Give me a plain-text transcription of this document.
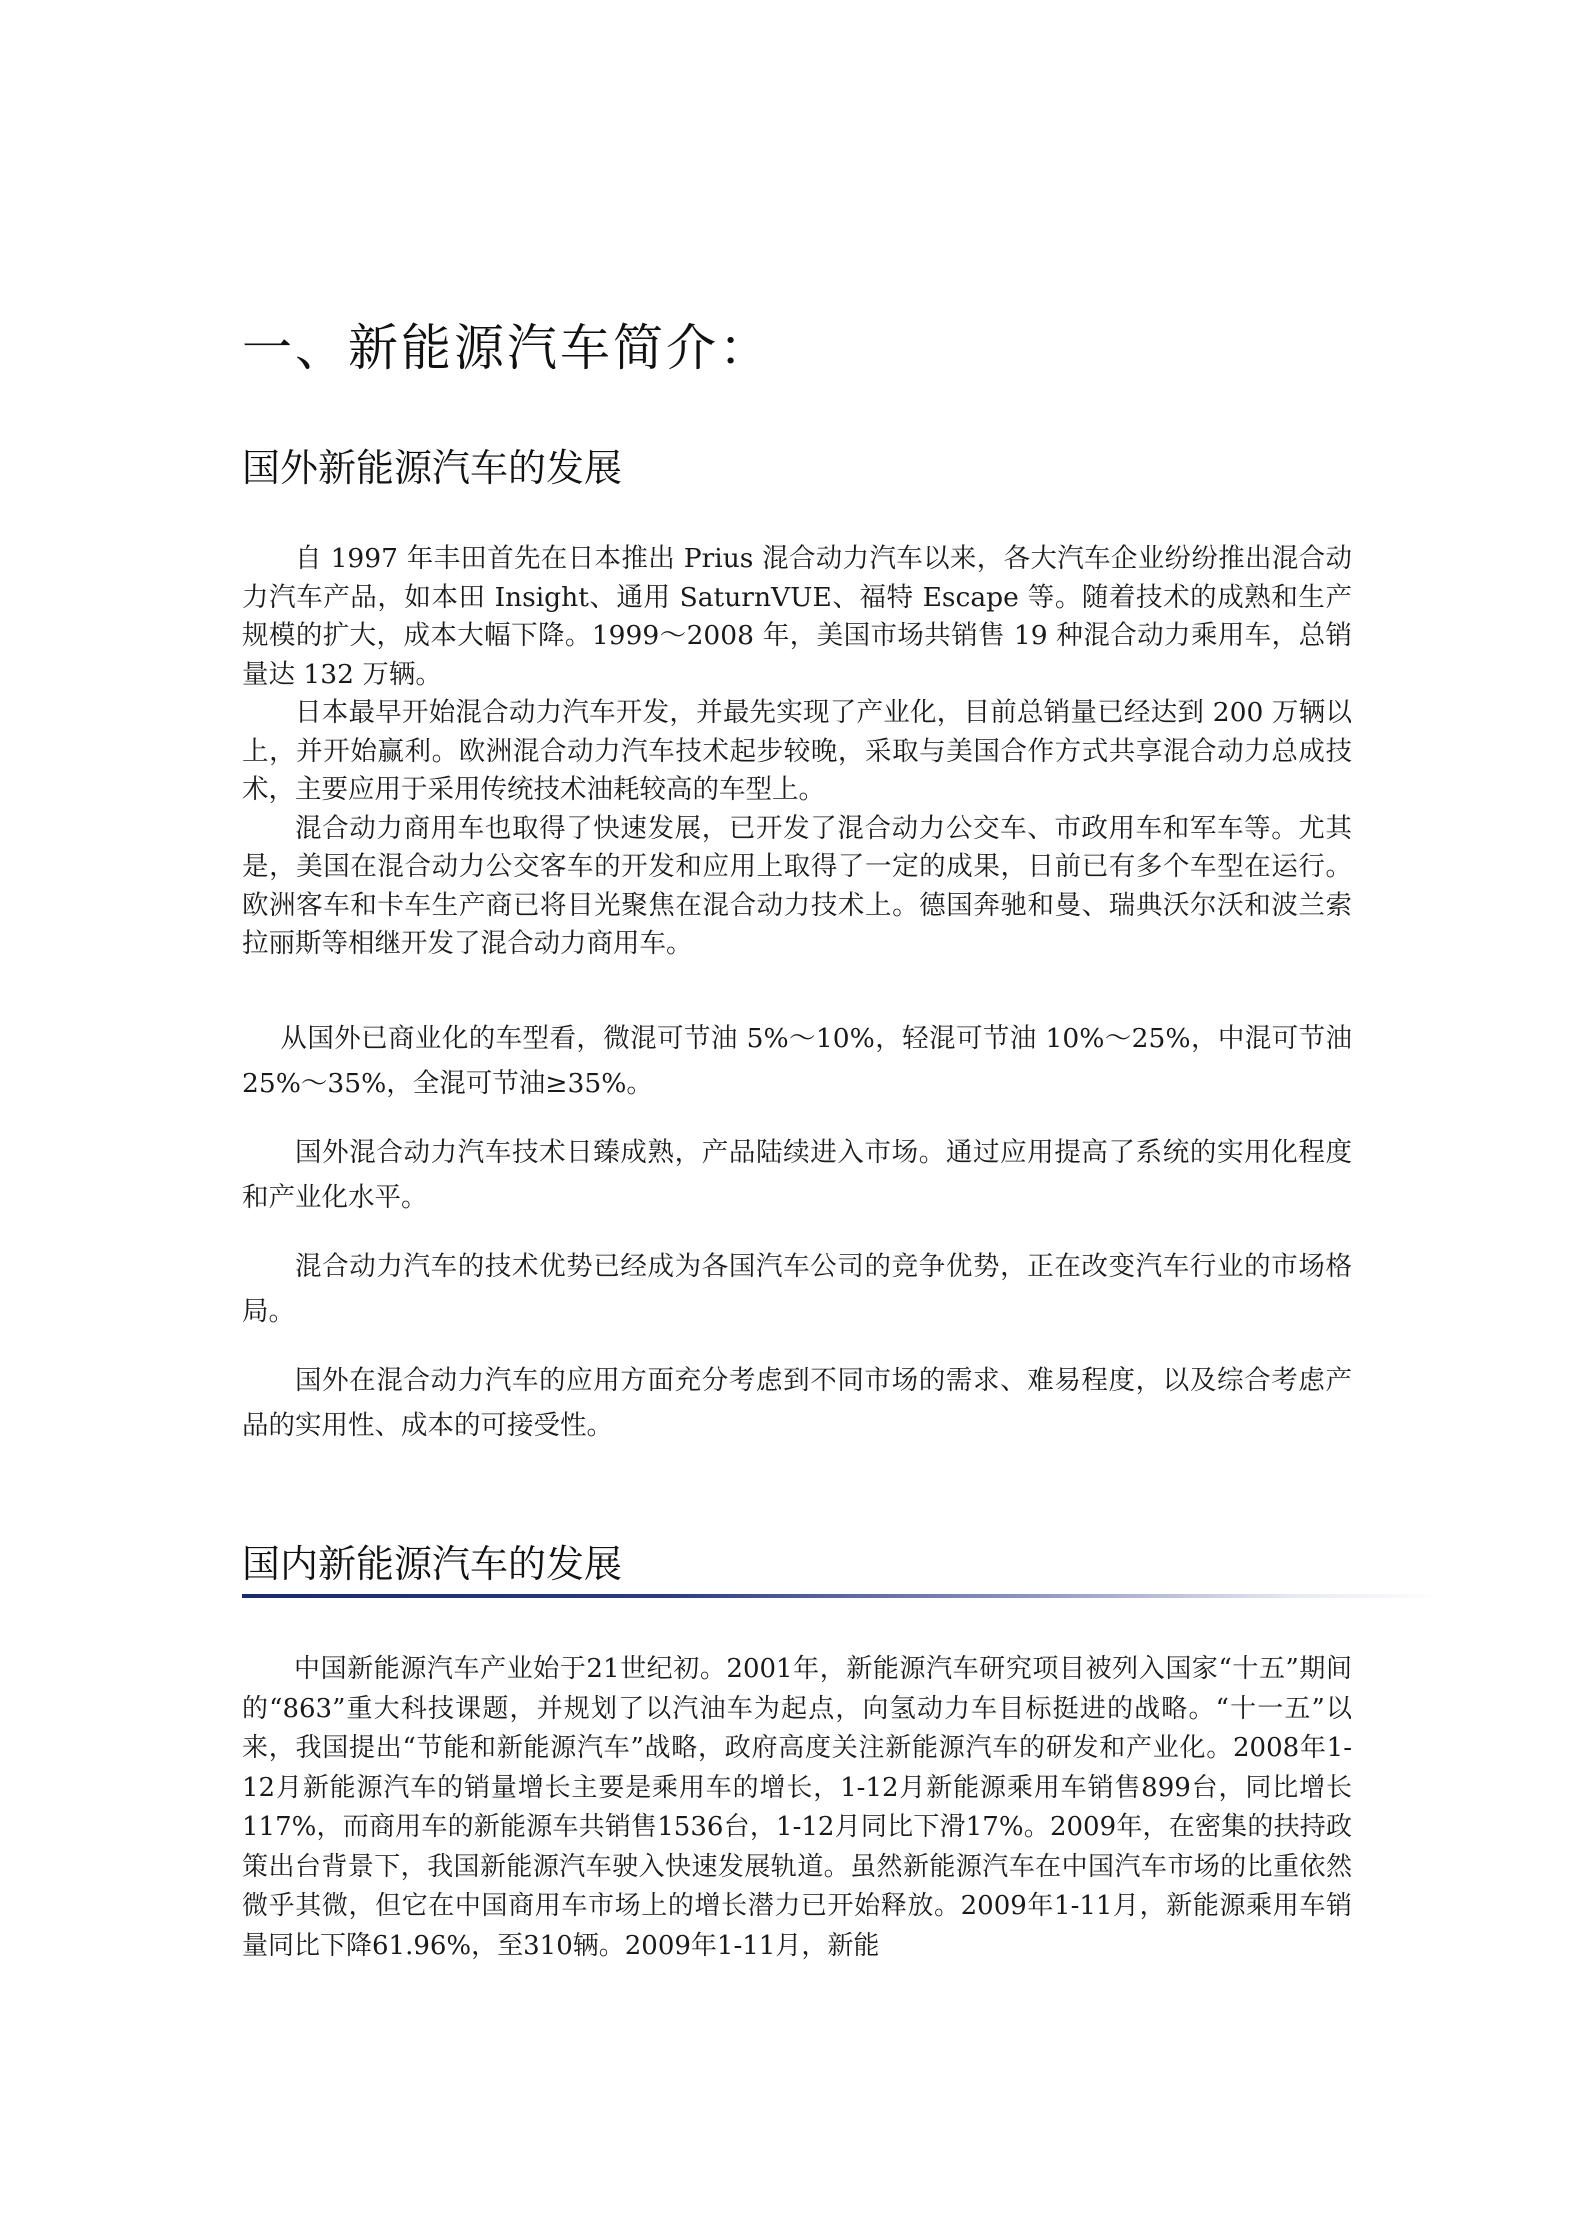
一、新能源汽车简介：
国外新能源汽车的发展

自 1997 年丰田首先在日本推出 Prius 混合动力汽车以来，各大汽车企业纷纷推出混合动力汽车产品，如本田 Insight、通用 SaturnVUE、福特 Escape 等。随着技术的成熟和生产规模的扩大，成本大幅下降。1999～2008 年，美国市场共销售 19 种混合动力乘用车，总销量达 132 万辆。

日本最早开始混合动力汽车开发，并最先实现了产业化，目前总销量已经达到 200 万辆以上，并开始赢利。欧洲混合动力汽车技术起步较晚，采取与美国合作方式共享混合动力总成技术，主要应用于采用传统技术油耗较高的车型上。

混合动力商用车也取得了快速发展，已开发了混合动力公交车、市政用车和军车等。尤其是，美国在混合动力公交客车的开发和应用上取得了一定的成果，日前已有多个车型在运行。欧洲客车和卡车生产商已将目光聚焦在混合动力技术上。德国奔驰和曼、瑞典沃尔沃和波兰索拉丽斯等相继开发了混合动力商用车。

从国外已商业化的车型看，微混可节油 5%～10%，轻混可节油 10%～25%，中混可节油 25%～35%，全混可节油≥35%。

国外混合动力汽车技术日臻成熟，产品陆续进入市场。通过应用提高了系统的实用化程度和产业化水平。

混合动力汽车的技术优势已经成为各国汽车公司的竞争优势，正在改变汽车行业的市场格局。

国外在混合动力汽车的应用方面充分考虑到不同市场的需求、难易程度，以及综合考虑产品的实用性、成本的可接受性。

国内新能源汽车的发展

中国新能源汽车产业始于21世纪初。2001年，新能源汽车研究项目被列入国家“十五”期间的“863”重大科技课题，并规划了以汽油车为起点，向氢动力车目标挺进的战略。“十一五”以来，我国提出“节能和新能源汽车”战略，政府高度关注新能源汽车的研发和产业化。2008年1-12月新能源汽车的销量增长主要是乘用车的增长，1-12月新能源乘用车销售899台，同比增长117%，而商用车的新能源车共销售1536台，1-12月同比下滑17%。2009年，在密集的扶持政策出台背景下，我国新能源汽车驶入快速发展轨道。虽然新能源汽车在中国汽车市场的比重依然微乎其微，但它在中国商用车市场上的增长潜力已开始释放。2009年1-11月，新能源乘用车销量同比下降61.96%，至310辆。2009年1-11月，新能
